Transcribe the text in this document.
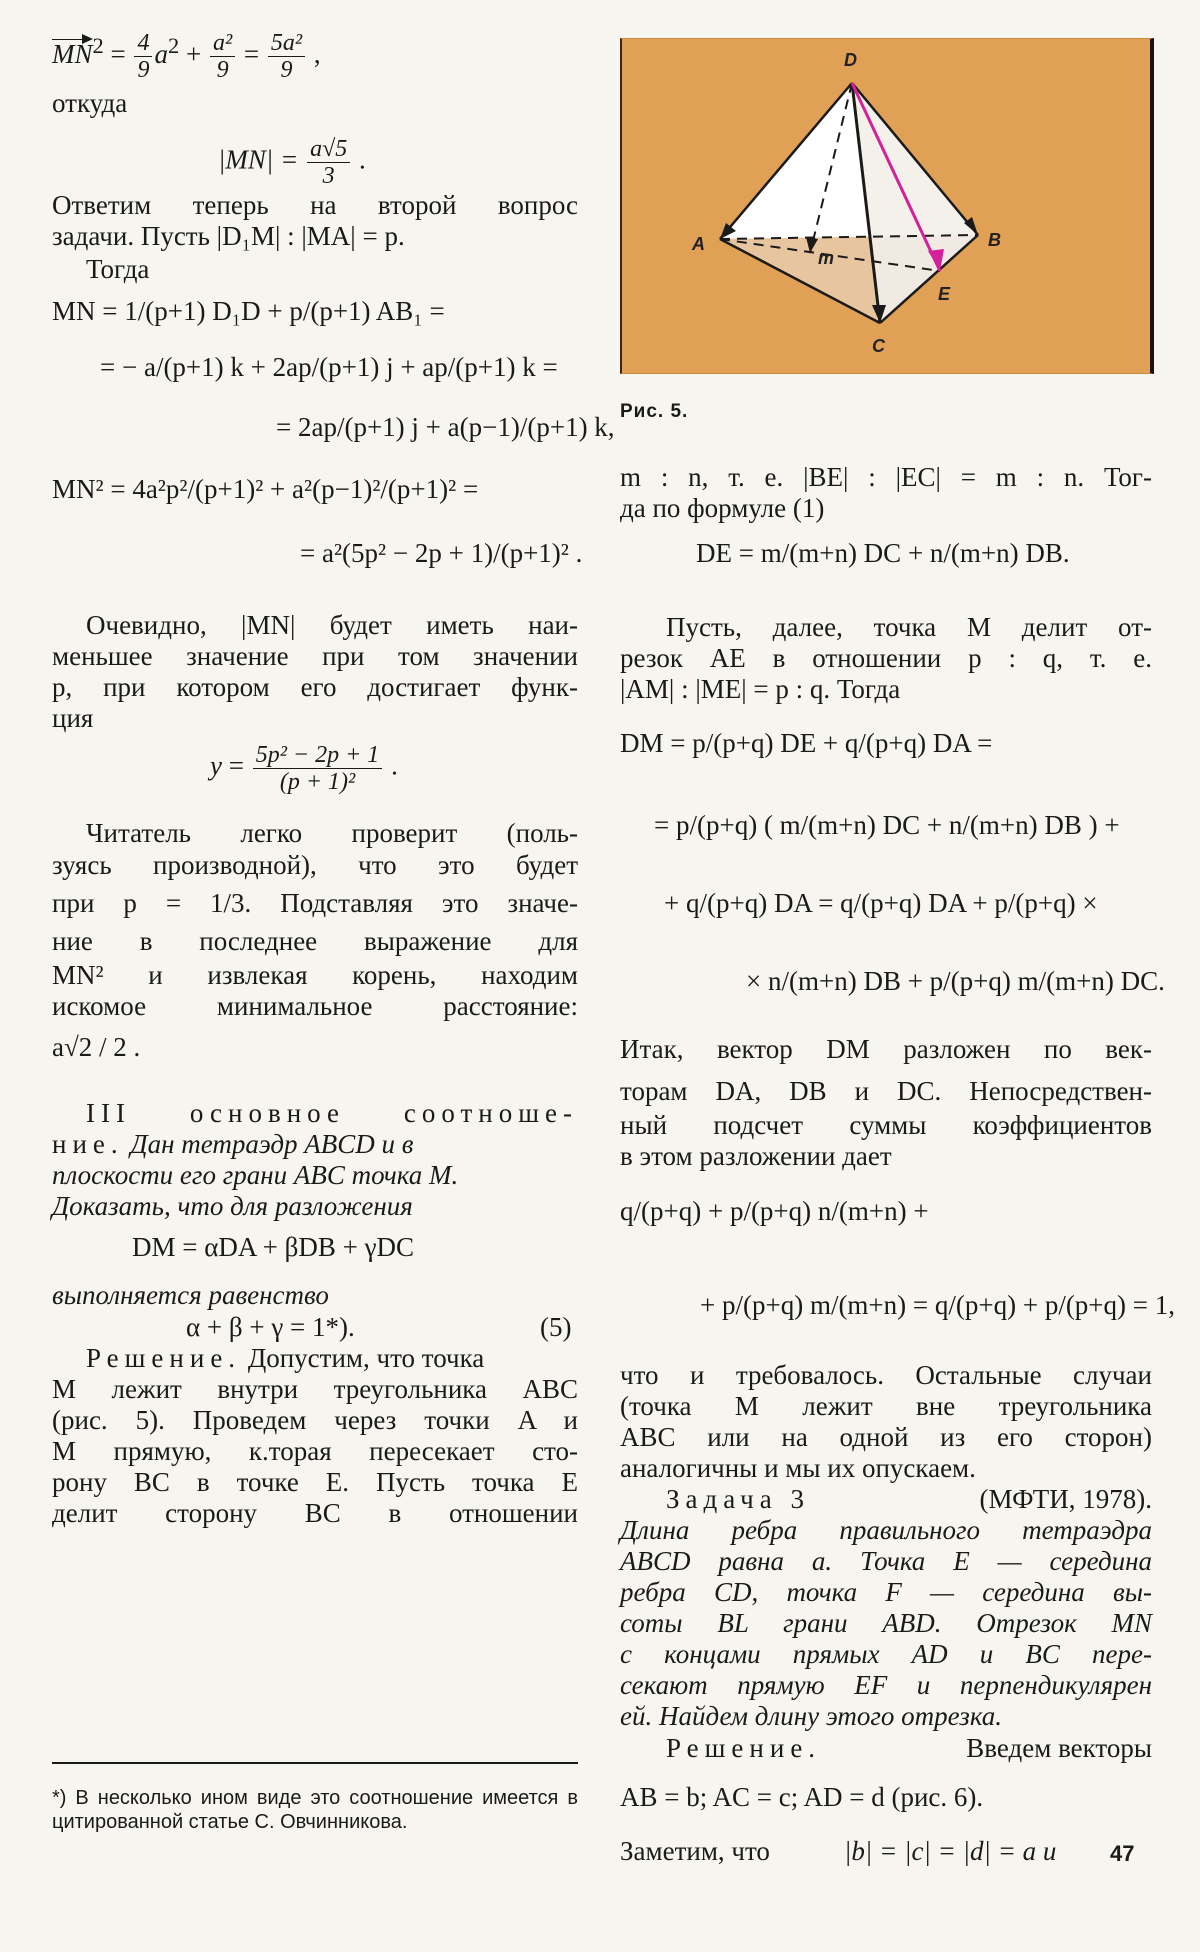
$MN^2 = \frac{4}{9} a^2 + \frac{\text{a²}}{9} = \frac{\text{5a²}}{9}$ ,
откуда
$|MN| = \frac{a√5}{3}$ .
Ответим теперь на второй вопрос
задачи. Пусть |D₁M| : |MA| = p.
Тогда
MN = 1/(p+1) D₁D + p/(p+1) AB₁ =
= − a/(p+1) k + 2ap/(p+1) j + ap/(p+1) k =
= 2ap/(p+1) j + a(p−1)/(p+1) k,
MN² = 4a²p²/(p+1)² + a²(p−1)²/(p+1)² =
= a²(5p² − 2p + 1)/(p+1)² .
Очевидно, |MN| будет иметь наи-
меньшее значение при том значении
p, при котором его достигает функ-
ция
$y = \frac{\text{5p² − 2p + 1}}{\text{(p + 1)²}}$ .
Читатель легко проверит (поль-
зуясь производной), что это будет
при p = 1/3. Подставляя это значе-
ние в последнее выражение для
MN² и извлекая корень, находим
искомое минимальное расстояние:
a√2 / 2 .
III основное соотноше-
ние. Дан тетраэдр ABCD и в
плоскости его грани ABC точка M.
Доказать, что для разложения
DM = αDA + βDB + γDC
выполняется равенство
α + β + γ = 1*).	(5)
Решение. Допустим, что точка
M лежит внутри треугольника ABC
(рис. 5). Проведем через точки A и
M прямую, к.торая пересекает сто-
рону BC в точке E. Пусть точка E
делит сторону BC в отношении
*) В несколько ином виде это соотношение имеется в цитированной статье С. Овчинникова.
D
A	B
C
E
m
Рис. 5.
m : n, т. е. |BE| : |EC| = m : n. Тог-
да по формуле (1)
DE = m/(m+n) DC + n/(m+n) DB.
Пусть, далее, точка M делит от-
резок AE в отношении p : q, т. е.
|AM| : |ME| = p : q. Тогда
DM = p/(p+q) DE + q/(p+q) DA =
= p/(p+q) ( m/(m+n) DC + n/(m+n) DB ) +
+ q/(p+q) DA = q/(p+q) DA + p/(p+q) ×
× n/(m+n) DB + p/(p+q) m/(m+n) DC.
Итак, вектор DM разложен по век-
торам DA, DB и DC. Непосредствен-
ный подсчет суммы коэффициентов
в этом разложении дает
q/(p+q) + p/(p+q) n/(m+n) +
+ p/(p+q) m/(m+n) = q/(p+q) + p/(p+q) = 1,
что и требовалось. Остальные случаи
(точка M лежит вне треугольника
ABC или на одной из его сторон)
аналогичны и мы их опускаем.
Задача 3	(МФТИ, 1978).
Длина ребра правильного тетраэдра
ABCD равна a. Точка E — середина
ребра CD, точка F — середина вы-
соты BL грани ABD. Отрезок MN
с концами прямых AD и BC пере-
секают прямую EF и перпендикулярен
ей. Найдем длину этого отрезка.
Решение.	Введем векторы
AB = b; AC = c; AD = d (рис. 6).
Заметим, что	|b| = |c| = |d| = a и 47
